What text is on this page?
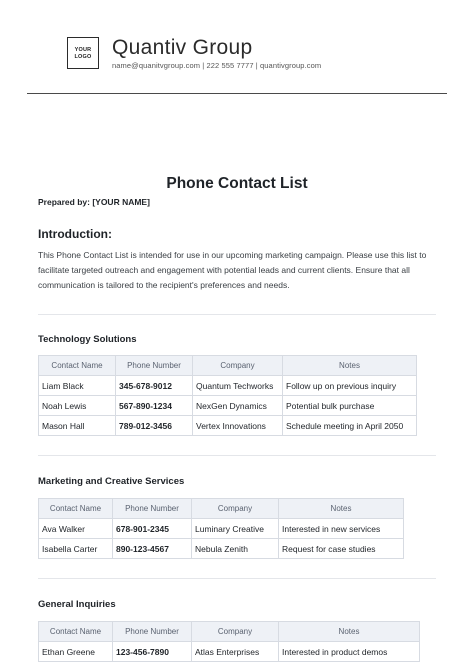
YOUR
LOGO Quantiv Group
name@quanitvgroup.com | 222 555 7777 | quantivgroup.com
Phone Contact List
Prepared by: [YOUR NAME]
Introduction:
This Phone Contact List is intended for use in our upcoming marketing campaign. Please use this list to facilitate targeted outreach and engagement with potential leads and current clients. Ensure that all communication is tailored to the recipient's preferences and needs.
Technology Solutions
Contact Name	Phone Number	Company	Notes
Liam Black	345-678-9012	Quantum Techworks	Follow up on previous inquiry
Noah Lewis	567-890-1234	NexGen Dynamics	Potential bulk purchase
Mason Hall	789-012-3456	Vertex Innovations	Schedule meeting in April 2050
Marketing and Creative Services
Contact Name	Phone Number	Company	Notes
Ava Walker	678-901-2345	Luminary Creative	Interested in new services
Isabella Carter	890-123-4567	Nebula Zenith	Request for case studies
General Inquiries
Contact Name	Phone Number	Company	Notes
Ethan Greene	123-456-7890	Atlas Enterprises	Interested in product demos
